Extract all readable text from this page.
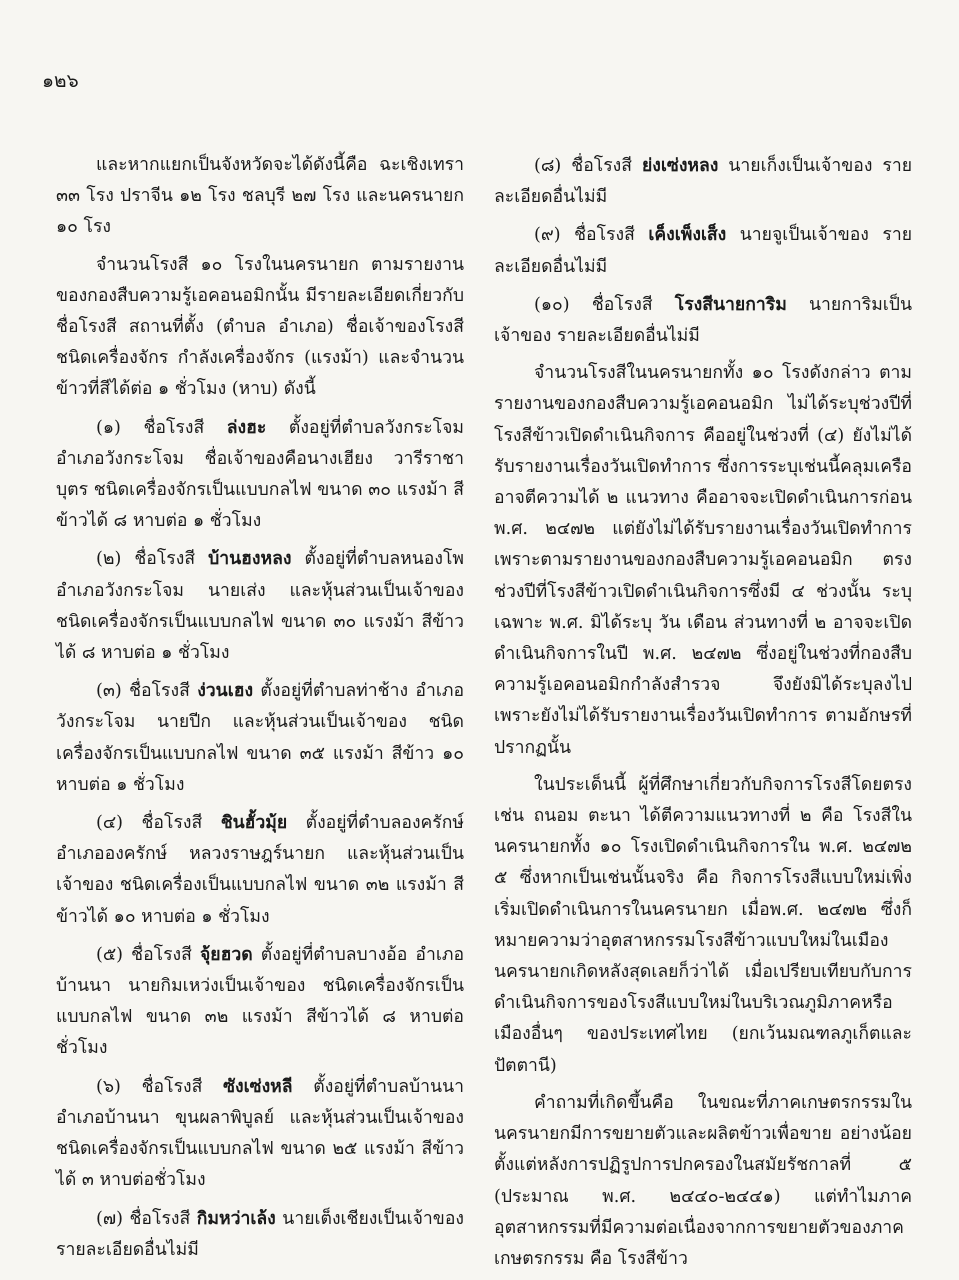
๑๒๖

และหากแยกเป็นจังหวัดจะได้ดังนี้คือ ฉะเชิงเทรา ๓๓ โรง ปราจีน ๑๒ โรง ชลบุรี ๒๗ โรง และนครนายก ๑๐ โรง

จำนวนโรงสี ๑๐ โรงในนครนายก ตามรายงานของกองสืบความรู้เอคอนอมิกนั้น มีรายละเอียดเกี่ยวกับชื่อโรงสี สถานที่ตั้ง (ตำบล อำเภอ) ชื่อเจ้าของโรงสี ชนิดเครื่องจักร กำลังเครื่องจักร (แรงม้า) และจำนวนข้าวที่สีได้ต่อ ๑ ชั่วโมง (หาบ) ดังนี้

(๑) ชื่อโรงสี ล่งฮะ ตั้งอยู่ที่ตำบลวังกระโจม อำเภอวังกระโจม ชื่อเจ้าของคือนางเฮียง วารีราชาบุตร ชนิดเครื่องจักรเป็นแบบกลไฟ ขนาด ๓๐ แรงม้า สีข้าวได้ ๘ หาบต่อ ๑ ชั่วโมง

(๒) ชื่อโรงสี บ้านฮงหลง ตั้งอยู่ที่ตำบลหนองโพ อำเภอวังกระโจม นายเส่ง และหุ้นส่วนเป็นเจ้าของ ชนิดเครื่องจักรเป็นแบบกลไฟ ขนาด ๓๐ แรงม้า สีข้าวได้ ๘ หาบต่อ ๑ ชั่วโมง

(๓) ชื่อโรงสี ง่วนเฮง ตั้งอยู่ที่ตำบลท่าช้าง อำเภอวังกระโจม นายปีก และหุ้นส่วนเป็นเจ้าของ ชนิดเครื่องจักรเป็นแบบกลไฟ ขนาด ๓๕ แรงม้า สีข้าว ๑๐ หาบต่อ ๑ ชั่วโมง

(๔) ชื่อโรงสี ชินฮั้วมุ้ย ตั้งอยู่ที่ตำบลองครักษ์ อำเภอองครักษ์ หลวงราษฎร์นายก และหุ้นส่วนเป็นเจ้าของ ชนิดเครื่องเป็นแบบกลไฟ ขนาด ๓๒ แรงม้า สีข้าวได้ ๑๐ หาบต่อ ๑ ชั่วโมง

(๕) ชื่อโรงสี จุ้ยฮวด ตั้งอยู่ที่ตำบลบางอ้อ อำเภอบ้านนา นายกิมเหว่งเป็นเจ้าของ ชนิดเครื่องจักรเป็นแบบกลไฟ ขนาด ๓๒ แรงม้า สีข้าวได้ ๘ หาบต่อชั่วโมง

(๖) ชื่อโรงสี ซังเซ่งหลี ตั้งอยู่ที่ตำบลบ้านนา อำเภอบ้านนา ขุนผลาพิบูลย์ และหุ้นส่วนเป็นเจ้าของ ชนิดเครื่องจักรเป็นแบบกลไฟ ขนาด ๒๕ แรงม้า สีข้าวได้ ๓ หาบต่อชั่วโมง

(๗) ชื่อโรงสี กิมหว่าเล้ง นายเต็งเชียงเป็นเจ้าของ รายละเอียดอื่นไม่มี

(๘) ชื่อโรงสี ย่งเซ่งหลง นายเก็งเป็นเจ้าของ รายละเอียดอื่นไม่มี

(๙) ชื่อโรงสี เค็งเพ็งเส็ง นายจูเป็นเจ้าของ รายละเอียดอื่นไม่มี

(๑๐) ชื่อโรงสี โรงสีนายการิม นายการิมเป็นเจ้าของ รายละเอียดอื่นไม่มี

จำนวนโรงสีในนครนายกทั้ง ๑๐ โรงดังกล่าว ตามรายงานของกองสืบความรู้เอคอนอมิก ไม่ได้ระบุช่วงปีที่โรงสีข้าวเปิดดำเนินกิจการ คืออยู่ในช่วงที่ (๔) ยังไม่ได้รับรายงานเรื่องวันเปิดทำการ ซึ่งการระบุเช่นนี้คลุมเครืออาจตีความได้ ๒ แนวทาง คืออาจจะเปิดดำเนินการก่อน พ.ศ. ๒๔๗๒ แต่ยังไม่ได้รับรายงานเรื่องวันเปิดทำการ เพราะตามรายงานของกองสืบความรู้เอคอนอมิก ตรงช่วงปีที่โรงสีข้าวเปิดดำเนินกิจการซึ่งมี ๔ ช่วงนั้น ระบุเฉพาะ พ.ศ. มิได้ระบุ วัน เดือน ส่วนทางที่ ๒ อาจจะเปิดดำเนินกิจการในปี พ.ศ. ๒๔๗๒ ซึ่งอยู่ในช่วงที่กองสืบความรู้เอคอนอมิกกำลังสำรวจ จึงยังมิได้ระบุลงไป เพราะยังไม่ได้รับรายงานเรื่องวันเปิดทำการ ตามอักษรที่ปรากฏนั้น

ในประเด็นนี้ ผู้ที่ศึกษาเกี่ยวกับกิจการโรงสีโดยตรง เช่น ถนอม ตะนา ได้ตีความแนวทางที่ ๒ คือ โรงสีในนครนายกทั้ง ๑๐ โรงเปิดดำเนินกิจการใน พ.ศ. ๒๔๗๒ ๕ ซึ่งหากเป็นเช่นนั้นจริง คือ กิจการโรงสีแบบใหม่เพิ่งเริ่มเปิดดำเนินการในนครนายก เมื่อพ.ศ. ๒๔๗๒ ซึ่งก็หมายความว่าอุตสาหกรรมโรงสีข้าวแบบใหม่ในเมืองนครนายกเกิดหลังสุดเลยก็ว่าได้ เมื่อเปรียบเทียบกับการดำเนินกิจการของโรงสีแบบใหม่ในบริเวณภูมิภาคหรือเมืองอื่นๆ ของประเทศไทย (ยกเว้นมณฑลภูเก็ตและปัตตานี)

คำถามที่เกิดขึ้นคือ ในขณะที่ภาคเกษตรกรรมในนครนายกมีการขยายตัวและผลิตข้าวเพื่อขาย อย่างน้อยตั้งแต่หลังการปฏิรูปการปกครองในสมัยรัชกาลที่ ๕ (ประมาณ พ.ศ. ๒๔๔๐-๒๔๔๑) แต่ทำไมภาคอุตสาหกรรมที่มีความต่อเนื่องจากการขยายตัวของภาคเกษตรกรรม คือ โรงสีข้าว
